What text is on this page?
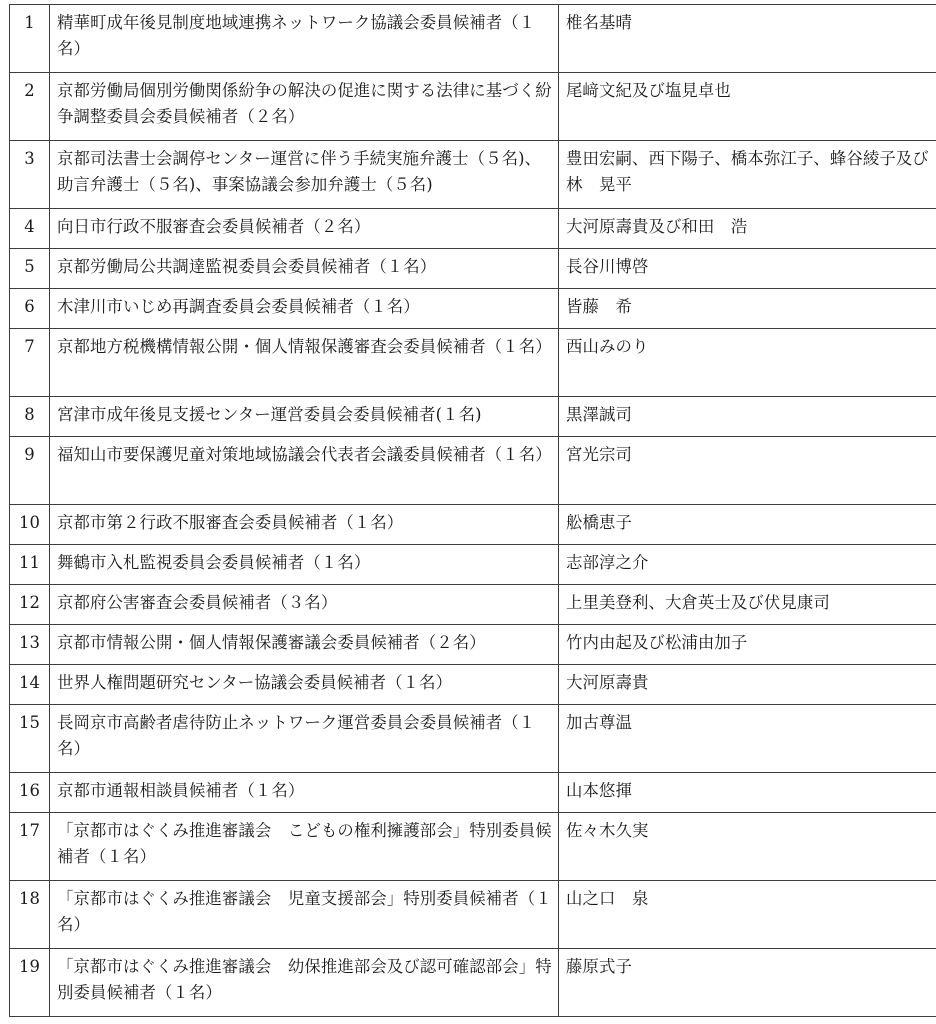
1	精華町成年後見制度地域連携ネットワーク協議会委員候補者（１名）	椎名基晴
2	京都労働局個別労働関係紛争の解決の促進に関する法律に基づく紛争調整委員会委員候補者（２名）	尾﨑文紀及び塩見卓也
3	京都司法書士会調停センター運営に伴う手続実施弁護士（５名)、助言弁護士（５名)、事案協議会参加弁護士（５名)	豊田宏嗣、西下陽子、橋本弥江子、蜂谷綾子及び林　晃平
4	向日市行政不服審査会委員候補者（２名）	大河原壽貴及び和田　浩
5	京都労働局公共調達監視委員会委員候補者（１名）	長谷川博啓
6	木津川市いじめ再調査委員会委員候補者（１名）	皆藤　希
7	京都地方税機構情報公開・個人情報保護審査会委員候補者（１名）	西山みのり
8	宮津市成年後見支援センター運営委員会委員候補者(１名)	黒澤誠司
9	福知山市要保護児童対策地域協議会代表者会議委員候補者（１名）	宮光宗司
10	京都市第２行政不服審査会委員候補者（１名）	舩橋恵子
11	舞鶴市入札監視委員会委員候補者（１名）	志部淳之介
12	京都府公害審査会委員候補者（３名）	上里美登利、大倉英士及び伏見康司
13	京都市情報公開・個人情報保護審議会委員候補者（２名）	竹内由起及び松浦由加子
14	世界人権問題研究センター協議会委員候補者（１名）	大河原壽貴
15	長岡京市高齢者虐待防止ネットワーク運営委員会委員候補者（１名）	加古尊温
16	京都市通報相談員候補者（１名）	山本悠揮
17	「京都市はぐくみ推進審議会　こどもの権利擁護部会」特別委員候補者（１名）	佐々木久実
18	「京都市はぐくみ推進審議会　児童支援部会」特別委員候補者（１名）	山之口　泉
19	「京都市はぐくみ推進審議会　幼保推進部会及び認可確認部会」特別委員候補者（１名）	藤原式子
